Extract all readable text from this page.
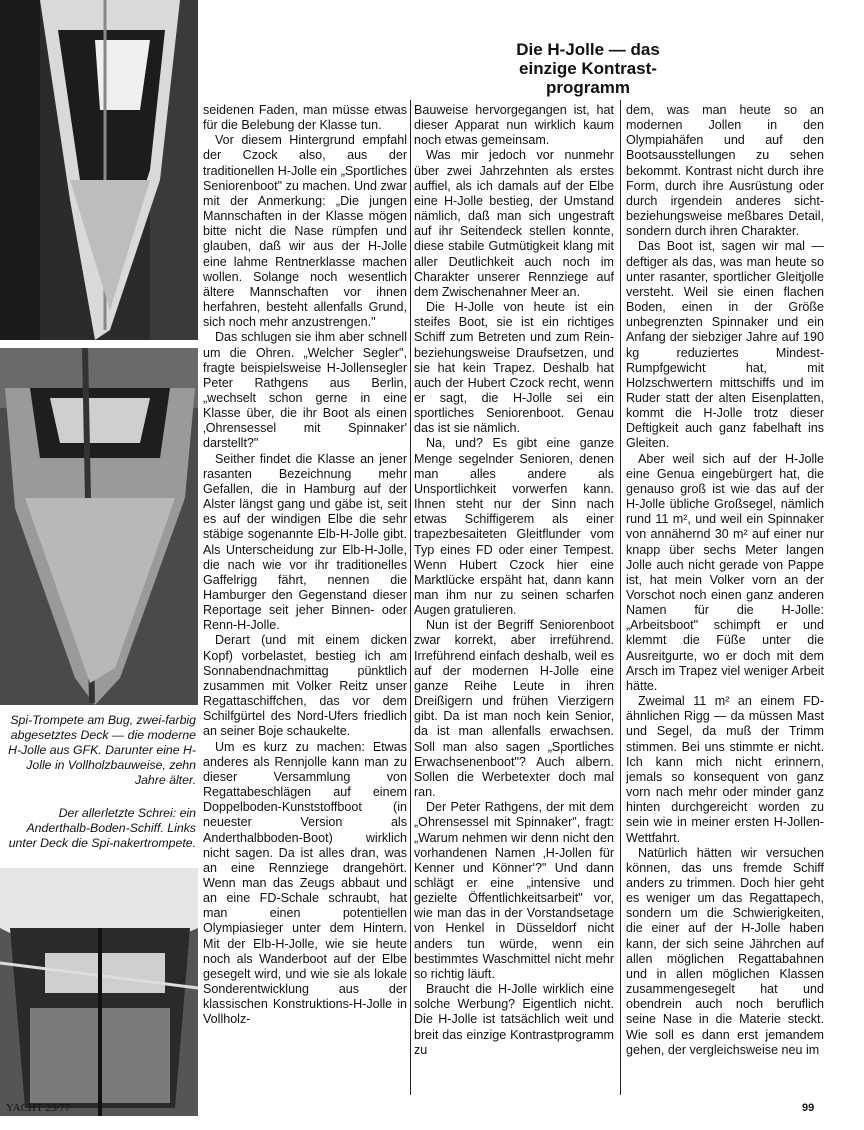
Spi-Trompete am Bug, zwei-farbig abgesetztes Deck — die moderne H-Jolle aus GFK. Darunter eine H-Jolle in Vollholzbauweise, zehn Jahre älter.
Der allerletzte Schrei: ein Anderthalb-Boden-Schiff. Links unter Deck die Spi-nakertrompete.
Die H-Jolle — das
einzige Kontrast-
programm

seidenen Faden, man müsse etwas für die Belebung der Klasse tun.

Vor diesem Hintergrund empfahl der Czock also, aus der traditionellen H-Jolle ein „Sportliches Seniorenboot" zu machen. Und zwar mit der Anmerkung: „Die jungen Mannschaften in der Klasse mögen bitte nicht die Nase rümpfen und glauben, daß wir aus der H-Jolle eine lahme Rentnerklasse machen wollen. Solange noch wesentlich ältere Mannschaften vor ihnen herfahren, besteht allenfalls Grund, sich noch mehr anzustrengen."

Das schlugen sie ihm aber schnell um die Ohren. „Welcher Segler", fragte beispielsweise H-Jollensegler Peter Rathgens aus Berlin, „wechselt schon gerne in eine Klasse über, die ihr Boot als einen ‚Ohrensessel mit Spinnaker' darstellt?"

Seither findet die Klasse an jener rasanten Bezeichnung mehr Gefallen, die in Hamburg auf der Alster längst gang und gäbe ist, seit es auf der windigen Elbe die sehr stäbige sogenannte Elb-H-Jolle gibt. Als Unterscheidung zur Elb-H-Jolle, die nach wie vor ihr traditionelles Gaffelrigg fährt, nennen die Hamburger den Gegenstand dieser Reportage seit jeher Binnen- oder Renn-H-Jolle.

Derart (und mit einem dicken Kopf) vorbelastet, bestieg ich am Sonnabendnachmittag pünktlich zusammen mit Volker Reitz unser Regattaschiffchen, das vor dem Schilfgürtel des Nord-Ufers friedlich an seiner Boje schaukelte.

Um es kurz zu machen: Etwas anderes als Rennjolle kann man zu dieser Versammlung von Regattabeschlägen auf einem Doppelboden-Kunststoffboot (in neuester Version als Anderthalbboden-Boot) wirklich nicht sagen. Da ist alles dran, was an eine Rennziege drangehört. Wenn man das Zeugs abbaut und an eine FD-Schale schraubt, hat man einen potentiellen Olympiasieger unter dem Hintern. Mit der Elb-H-Jolle, wie sie heute noch als Wanderboot auf der Elbe gesegelt wird, und wie sie als lokale Sonderentwicklung aus der klassischen Konstruktions-H-Jolle in Vollholz-

Bauweise hervorgegangen ist, hat dieser Apparat nun wirklich kaum noch etwas gemeinsam.

Was mir jedoch vor nunmehr über zwei Jahrzehnten als erstes auffiel, als ich damals auf der Elbe eine H-Jolle bestieg, der Umstand nämlich, daß man sich ungestraft auf ihr Seitendeck stellen konnte, diese stabile Gutmütigkeit klang mit aller Deutlichkeit auch noch im Charakter unserer Rennziege auf dem Zwischenahner Meer an.

Die H-Jolle von heute ist ein steifes Boot, sie ist ein richtiges Schiff zum Betreten und zum Rein- beziehungsweise Draufsetzen, und sie hat kein Trapez. Deshalb hat auch der Hubert Czock recht, wenn er sagt, die H-Jolle sei ein sportliches Seniorenboot. Genau das ist sie nämlich.

Na, und? Es gibt eine ganze Menge segelnder Senioren, denen man alles andere als Unsportlichkeit vorwerfen kann. Ihnen steht nur der Sinn nach etwas Schiffigerem als einer trapezbesaiteten Gleitflunder vom Typ eines FD oder einer Tempest. Wenn Hubert Czock hier eine Marktlücke erspäht hat, dann kann man ihm nur zu seinen scharfen Augen gratulieren.

Nun ist der Begriff Seniorenboot zwar korrekt, aber irreführend. Irreführend einfach deshalb, weil es auf der modernen H-Jolle eine ganze Reihe Leute in ihren Dreißigern und frühen Vierzigern gibt. Da ist man noch kein Senior, da ist man allenfalls erwachsen. Soll man also sagen „Sportliches Erwachsenenboot"? Auch albern. Sollen die Werbetexter doch mal ran.

Der Peter Rathgens, der mit dem „Ohrensessel mit Spinnaker", fragt: „Warum nehmen wir denn nicht den vorhandenen Namen ‚H-Jollen für Kenner und Könner'?" Und dann schlägt er eine „intensive und gezielte Öffentlichkeitsarbeit" vor, wie man das in der Vorstandsetage von Henkel in Düsseldorf nicht anders tun würde, wenn ein bestimmtes Waschmittel nicht mehr so richtig läuft.

Braucht die H-Jolle wirklich eine solche Werbung? Eigentlich nicht. Die H-Jolle ist tatsächlich weit und breit das einzige Kontrastprogramm zu

dem, was man heute so an modernen Jollen in den Olympiahäfen und auf den Bootsausstellungen zu sehen bekommt. Kontrast nicht durch ihre Form, durch ihre Ausrüstung oder durch irgendein anderes sicht- beziehungsweise meßbares Detail, sondern durch ihren Charakter.

Das Boot ist, sagen wir mal — deftiger als das, was man heute so unter rasanter, sportlicher Gleitjolle versteht. Weil sie einen flachen Boden, einen in der Größe unbegrenzten Spinnaker und ein Anfang der siebziger Jahre auf 190 kg reduziertes Mindest-Rumpfgewicht hat, mit Holzschwertern mittschiffs und im Ruder statt der alten Eisenplatten, kommt die H-Jolle trotz dieser Deftigkeit auch ganz fabelhaft ins Gleiten.

Aber weil sich auf der H-Jolle eine Genua eingebürgert hat, die genauso groß ist wie das auf der H-Jolle übliche Großsegel, nämlich rund 11 m², und weil ein Spinnaker von annähernd 30 m² auf einer nur knapp über sechs Meter langen Jolle auch nicht gerade von Pappe ist, hat mein Volker vorn an der Vorschot noch einen ganz anderen Namen für die H-Jolle: „Arbeitsboot" schimpft er und klemmt die Füße unter die Ausreitgurte, wo er doch mit dem Arsch im Trapez viel weniger Arbeit hätte.

Zweimal 11 m² an einem FD-ähnlichen Rigg — da müssen Mast und Segel, da muß der Trimm stimmen. Bei uns stimmte er nicht. Ich kann mich nicht erinnern, jemals so konsequent von ganz vorn nach mehr oder minder ganz hinten durchgereicht worden zu sein wie in meiner ersten H-Jollen-Wettfahrt.

Natürlich hätten wir versuchen können, das uns fremde Schiff anders zu trimmen. Doch hier geht es weniger um das Regattapech, sondern um die Schwierigkeiten, die einer auf der H-Jolle haben kann, der sich seine Jährchen auf allen möglichen Regattabahnen und in allen möglichen Klassen zusammengesegelt hat und obendrein auch noch beruflich seine Nase in die Materie steckt. Wie soll es dann erst jemandem gehen, der vergleichsweise neu im

YACHT 23/77	99
